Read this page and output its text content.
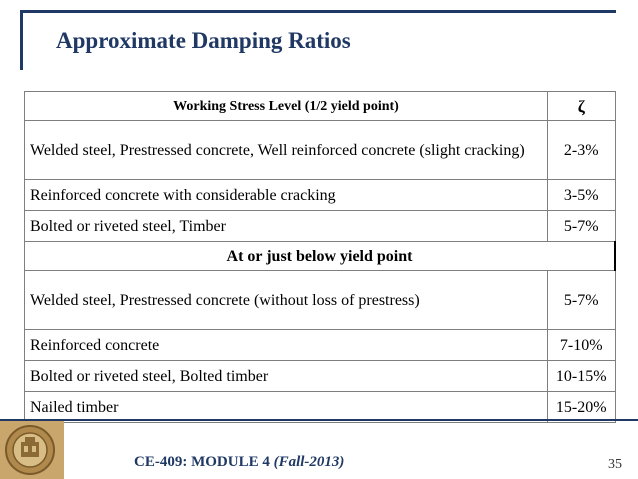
Approximate Damping Ratios
Working Stress Level (1/2 yield point)	ζ
Welded steel, Prestressed concrete, Well reinforced concrete (slight cracking)	2-3%
Reinforced concrete with considerable cracking	3-5%
Bolted or riveted steel, Timber	5-7%
At or just below yield point	
Welded steel, Prestressed concrete (without loss of prestress)	5-7%
Reinforced concrete	7-10%
Bolted or riveted steel, Bolted timber	10-15%
Nailed timber	15-20%
CE-409: MODULE 4 (Fall-2013)	35
